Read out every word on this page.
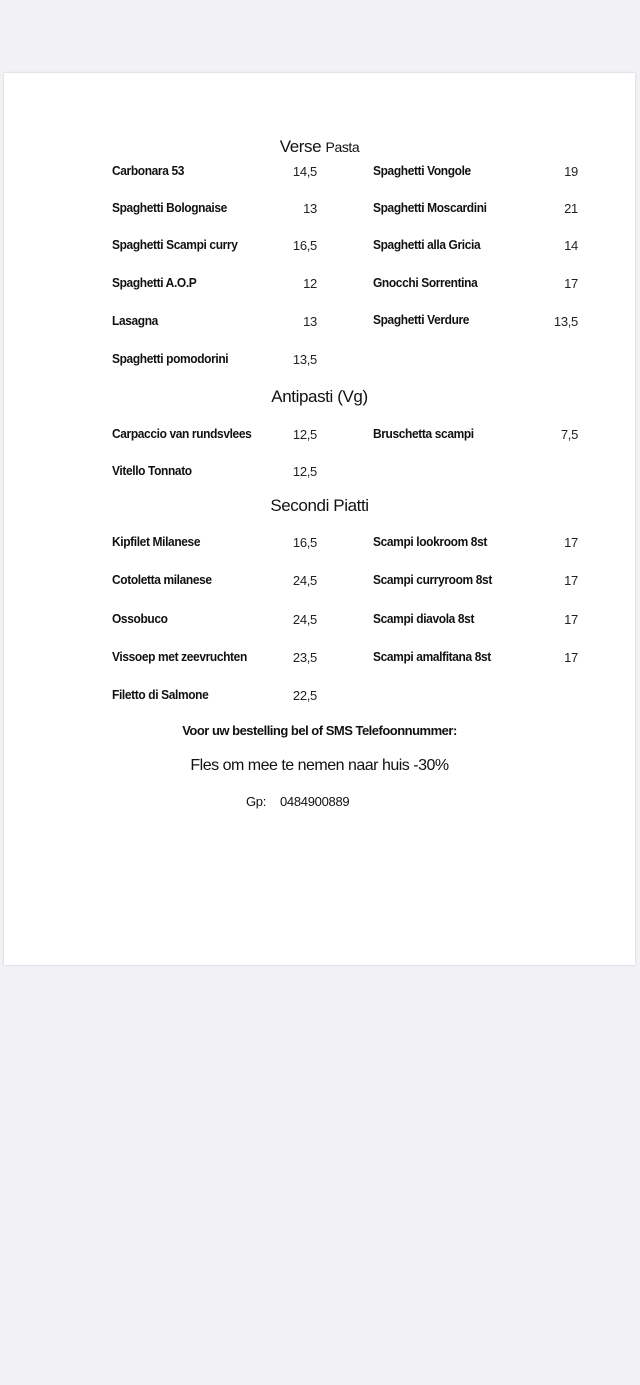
Verse Pasta
Carbonara 53	14,5	Spaghetti Vongole	19
Spaghetti Bolognaise	13	Spaghetti Moscardini	21
Spaghetti Scampi curry	16,5	Spaghetti alla Gricia	14
Spaghetti A.O.P	12	Gnocchi Sorrentina	17
Lasagna	13	Spaghetti Verdure	13,5
Spaghetti pomodorini	13,5
Antipasti (Vg)
Carpaccio van rundsvlees	12,5	Bruschetta scampi	7,5
Vitello Tonnato	12,5
Secondi Piatti
Kipfilet Milanese	16,5	Scampi lookroom 8st	17
Cotoletta milanese	24,5	Scampi curryroom 8st	17
Ossobuco	24,5	Scampi diavola 8st	17
Vissoep met zeevruchten	23,5	Scampi amalfitana 8st	17
Filetto di Salmone	22,5
Voor uw bestelling bel of SMS Telefoonnummer:
Fles om mee te nemen naar huis -30%
Gp: 0484900889
